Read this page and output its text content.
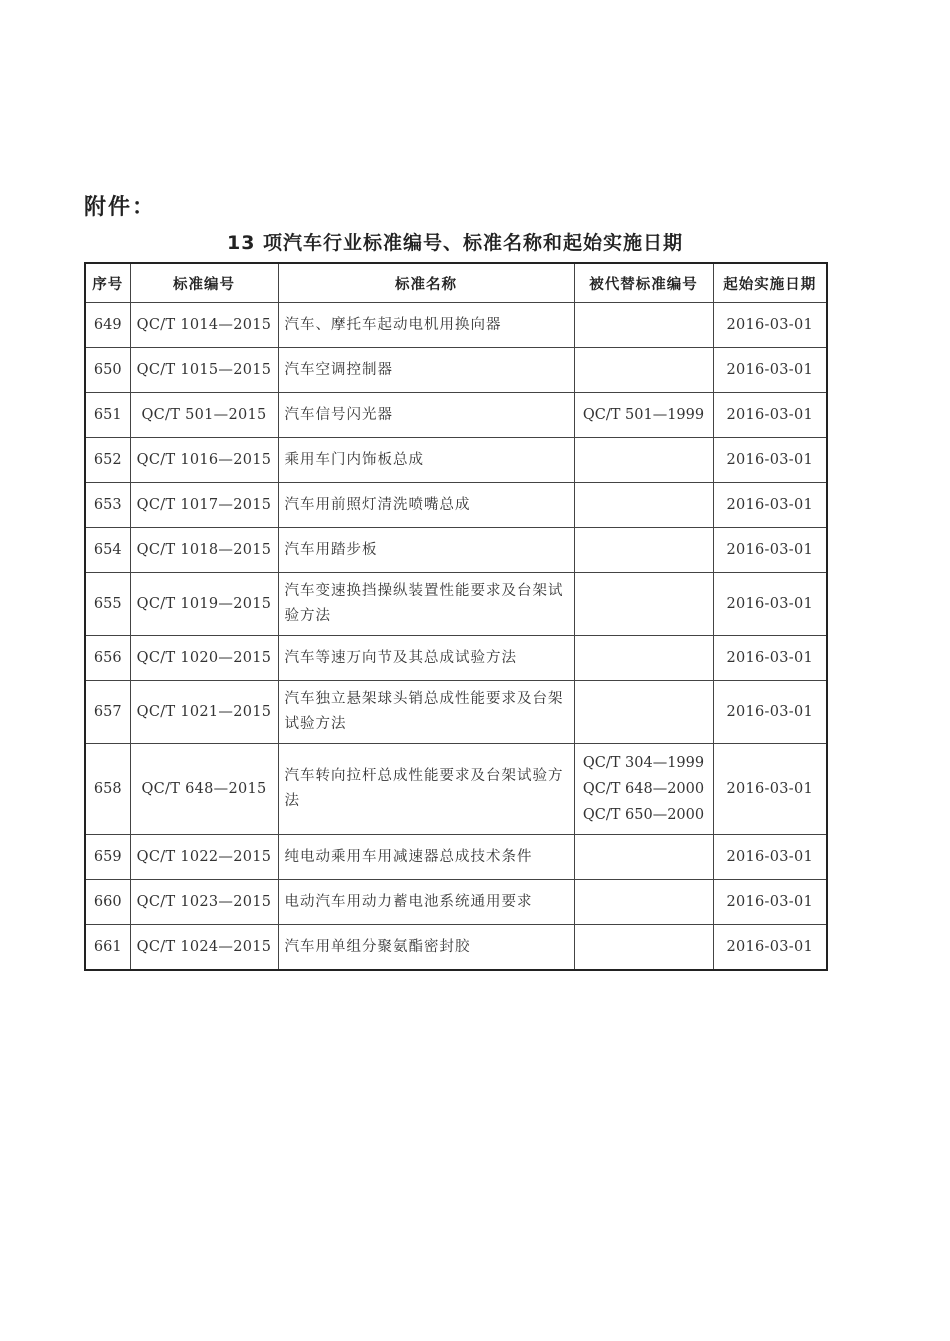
附件：
13 项汽车行业标准编号、标准名称和起始实施日期
序号	标准编号	标准名称	被代替标准编号	起始实施日期
649	QC/T 1014—2015	汽车、摩托车起动电机用换向器		2016-03-01
650	QC/T 1015—2015	汽车空调控制器		2016-03-01
651	QC/T 501—2015	汽车信号闪光器	QC/T 501—1999	2016-03-01
652	QC/T 1016—2015	乘用车门内饰板总成		2016-03-01
653	QC/T 1017—2015	汽车用前照灯清洗喷嘴总成		2016-03-01
654	QC/T 1018—2015	汽车用踏步板		2016-03-01
655	QC/T 1019—2015	汽车变速换挡操纵装置性能要求及台架试验方法		2016-03-01
656	QC/T 1020—2015	汽车等速万向节及其总成试验方法		2016-03-01
657	QC/T 1021—2015	汽车独立悬架球头销总成性能要求及台架试验方法		2016-03-01
658	QC/T 648—2015	汽车转向拉杆总成性能要求及台架试验方法	QC/T 304—1999
QC/T 648—2000
QC/T 650—2000	2016-03-01
659	QC/T 1022—2015	纯电动乘用车用减速器总成技术条件		2016-03-01
660	QC/T 1023—2015	电动汽车用动力蓄电池系统通用要求		2016-03-01
661	QC/T 1024—2015	汽车用单组分聚氨酯密封胶		2016-03-01
